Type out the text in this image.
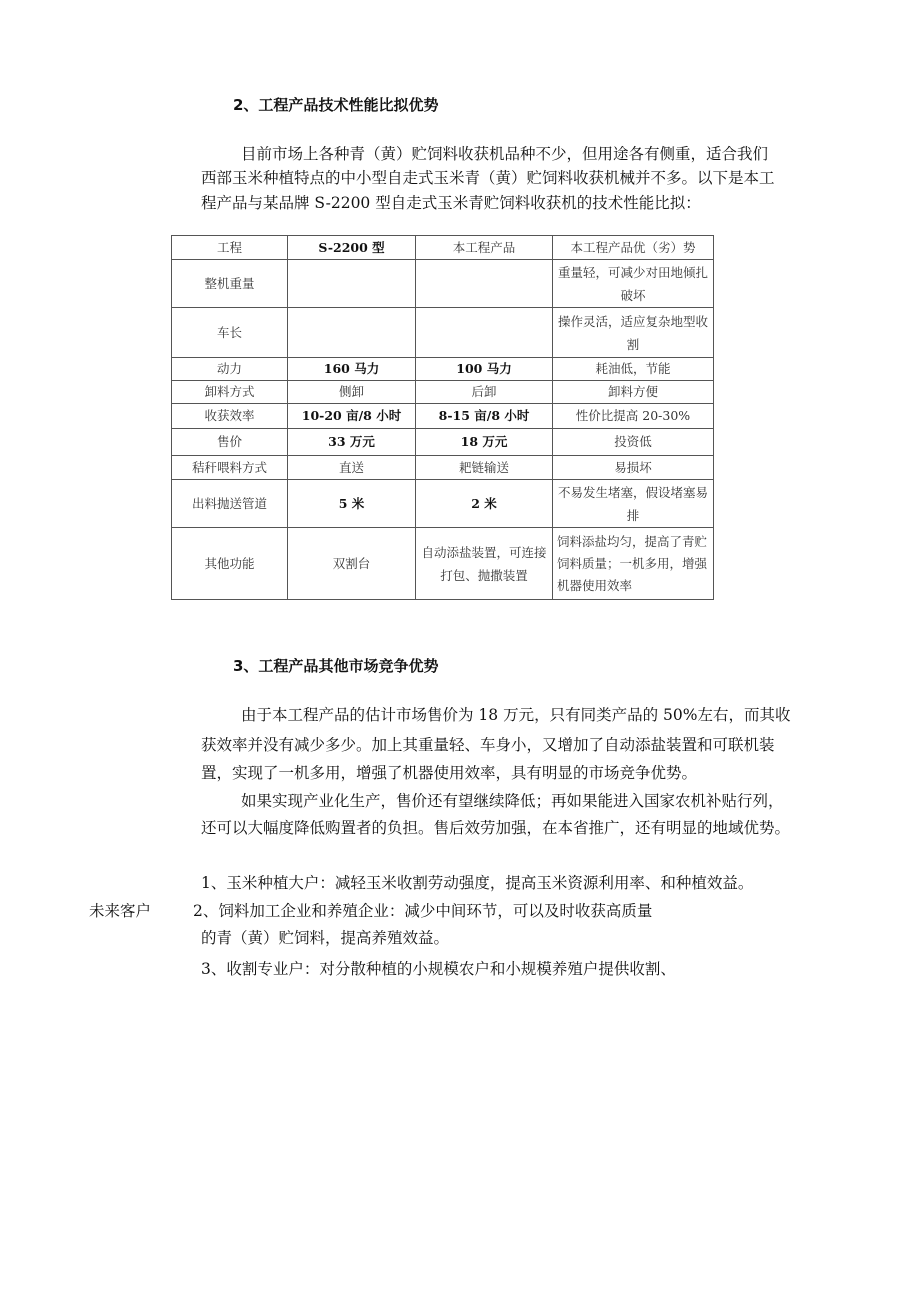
2、工程产品技术性能比拟优势
目前市场上各种青（黄）贮饲料收获机品种不少，但用途各有侧重，适合我们
西部玉米种植特点的中小型自走式玉米青（黄）贮饲料收获机械并不多。以下是本工
程产品与某品牌 S-2200 型自走式玉米青贮饲料收获机的技术性能比拟：
工程	S-2200 型	本工程产品	本工程产品优（劣）势
整机重量			重量轻，可减少对田地倾扎破坏
车长			操作灵活，适应复杂地型收割
动力	160 马力	100 马力	耗油低，节能
卸料方式	侧卸	后卸	卸料方便
收获效率	10-20 亩/8 小时	8-15 亩/8 小时	性价比提高 20-30%
售价	33 万元	18 万元	投资低
秸秆喂料方式	直送	耙链输送	易损坏
出料抛送管道	5 米	2 米	不易发生堵塞，假设堵塞易排
其他功能	双割台	自动添盐装置，可连接打包、抛撒装置	饲料添盐均匀，提高了青贮饲料质量；一机多用，增强机器使用效率
3、工程产品其他市场竞争优势
由于本工程产品的估计市场售价为 18 万元，只有同类产品的 50%左右，而其收
获效率并没有减少多少。加上其重量轻、车身小，又增加了自动添盐装置和可联机装
置，实现了一机多用，增强了机器使用效率，具有明显的市场竞争优势。
如果实现产业化生产，售价还有望继续降低；再如果能进入国家农机补贴行列，
还可以大幅度降低购置者的负担。售后效劳加强，在本省推广，还有明显的地域优势。
未来客户
1、玉米种植大户：减轻玉米收割劳动强度，提高玉米资源利用率、和种植效益。
2、饲料加工企业和养殖企业：减少中间环节，可以及时收获高质量
的青（黄）贮饲料，提高养殖效益。
3、收割专业户：对分散种植的小规模农户和小规模养殖户提供收割、
